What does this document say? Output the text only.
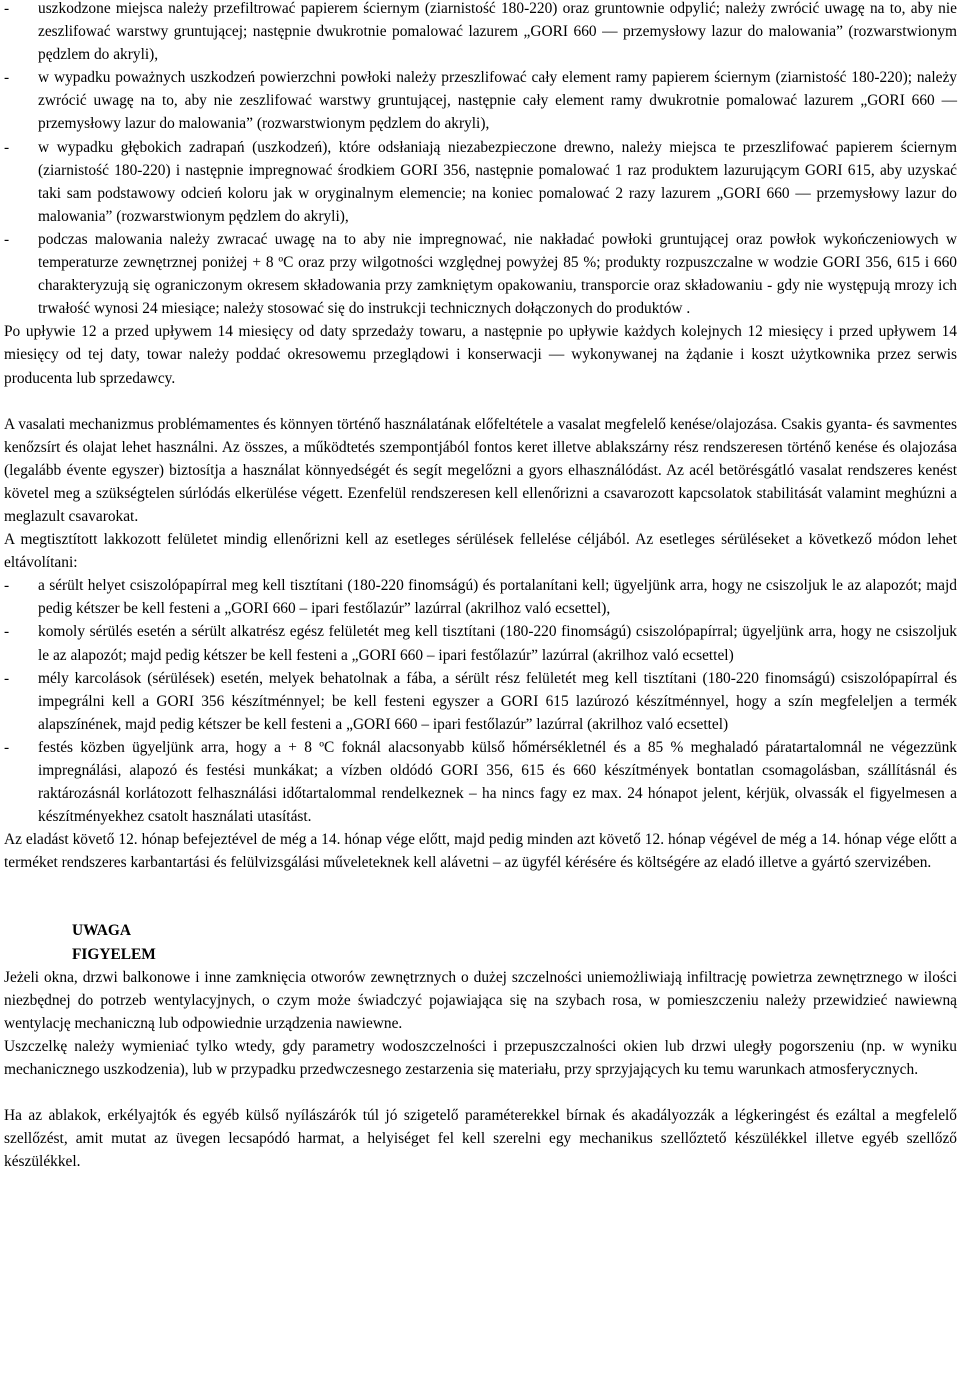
- uszkodzone miejsca należy przefiltrować papierem ściernym (ziarnistość 180-220) oraz gruntownie odpylić; należy zwrócić uwagę na to, aby nie zeszlifować warstwy gruntującej; następnie dwukrotnie pomalować lazurem „GORI 660 — przemysłowy lazur do malowania” (rozwarstwionym pędzlem do akryli),
- w wypadku poważnych uszkodzeń powierzchni powłoki należy przeszlifować cały element ramy papierem ściernym (ziarnistość 180-220); należy zwrócić uwagę na to, aby nie zeszlifować warstwy gruntującej, następnie cały element ramy dwukrotnie pomalować lazurem „GORI 660 — przemysłowy lazur do malowania” (rozwarstwionym pędzlem do akryli),
- w wypadku głębokich zadrapań (uszkodzeń), które odsłaniają niezabezpieczone drewno, należy miejsca te przeszlifować papierem ściernym (ziarnistość 180-220) i następnie impregnować środkiem GORI 356, następnie pomalować 1 raz produktem lazurującym GORI 615, aby uzyskać taki sam podstawowy odcień koloru jak w oryginalnym elemencie; na koniec pomalować 2 razy lazurem „GORI 660 — przemysłowy lazur do malowania” (rozwarstwionym pędzlem do akryli),
- podczas malowania należy zwracać uwagę na to aby nie impregnować, nie nakładać powłoki gruntującej oraz powłok wykończeniowych w temperaturze zewnętrznej poniżej + 8 ºC oraz przy wilgotności względnej powyżej 85 %; produkty rozpuszczalne w wodzie GORI 356, 615 i 660 charakteryzują się ograniczonym okresem składowania przy zamkniętym opakowaniu, transporcie oraz składowaniu - gdy nie występują mrozy ich trwałość wynosi 24 miesiące; należy stosować się do instrukcji technicznych dołączonych do produktów .

Po upływie 12 a przed upływem 14 miesięcy od daty sprzedaży towaru, a następnie po upływie każdych kolejnych 12 miesięcy i przed upływem 14 miesięcy od tej daty, towar należy poddać okresowemu przeglądowi i konserwacji — wykonywanej na żądanie i koszt użytkownika przez serwis producenta lub sprzedawcy.

A vasalati mechanizmus problémamentes és könnyen történő használatának előfeltétele a vasalat megfelelő kenése/olajozása. Csakis gyanta- és savmentes kenőzsírt és olajat lehet használni. Az összes, a működtetés szempontjából fontos keret illetve ablakszárny rész rendszeresen történő kenése és olajozása (legalább évente egyszer) biztosítja a használat könnyedségét és segít megelőzni a gyors elhasználódást. Az acél betörésgátló vasalat rendszeres kenést követel meg a szükségtelen súrlódás elkerülése végett. Ezenfelül rendszeresen kell ellenőrizni a csavarozott kapcsolatok stabilitását valamint meghúzni a meglazult csavarokat.

A megtisztított lakkozott felületet mindig ellenőrizni kell az esetleges sérülések fellelése céljából. Az esetleges sérüléseket a következő módon lehet eltávolítani:

- a sérült helyet csiszolópapírral meg kell tisztítani (180-220 finomságú) és portalanítani kell; ügyeljünk arra, hogy ne csiszoljuk le az alapozót; majd pedig kétszer be kell festeni a „GORI 660 – ipari festőlazúr” lazúrral (akrilhoz való ecsettel),
- komoly sérülés esetén a sérült alkatrész egész felületét meg kell tisztítani (180-220 finomságú) csiszolópapírral; ügyeljünk arra, hogy ne csiszoljuk le az alapozót; majd pedig kétszer be kell festeni a „GORI 660 – ipari festőlazúr” lazúrral (akrilhoz való ecsettel)
- mély karcolások (sérülések) esetén, melyek behatolnak a fába, a sérült rész felületét meg kell tisztítani (180-220 finomságú) csiszolópapírral és impegrálni kell a GORI 356 készítménnyel; be kell festeni egyszer a GORI 615 lazúrozó készítménnyel, hogy a szín megfeleljen a termék alapszínének, majd pedig kétszer be kell festeni a „GORI 660 – ipari festőlazúr” lazúrral (akrilhoz való ecsettel)
- festés közben ügyeljünk arra, hogy a + 8 ºC foknál alacsonyabb külső hőmérsékletnél és a 85 % meghaladó páratartalomnál ne végezzünk impregnálási, alapozó és festési munkákat; a vízben oldódó GORI 356, 615 és 660 készítmények bontatlan csomagolásban, szállításnál és raktározásnál korlátozott felhasználási időtartalommal rendelkeznek – ha nincs fagy ez max. 24 hónapot jelent, kérjük, olvassák el figyelmesen a készítményekhez csatolt használati utasítást.

Az eladást követő 12. hónap befejeztével de még a 14. hónap vége előtt, majd pedig minden azt követő 12. hónap végével de még a 14. hónap vége előtt a terméket rendszeres karbantartási és felülvizsgálási műveleteknek kell alávetni – az ügyfél kérésére és költségére az eladó illetve a gyártó szervizében.

UWAGA

FIGYELEM

Jeżeli okna, drzwi balkonowe i inne zamknięcia otworów zewnętrznych o dużej szczelności uniemożliwiają infiltrację powietrza zewnętrznego w ilości niezbędnej do potrzeb wentylacyjnych, o czym może świadczyć pojawiająca się na szybach rosa, w pomieszczeniu należy przewidzieć nawiewną wentylację mechaniczną lub odpowiednie urządzenia nawiewne.

Uszczelkę należy wymieniać tylko wtedy, gdy parametry wodoszczelności i przepuszczalności okien lub drzwi uległy pogorszeniu (np. w wyniku mechanicznego uszkodzenia), lub w przypadku przedwczesnego zestarzenia się materiału, przy sprzyjających ku temu warunkach atmosferycznych.

Ha az ablakok, erkélyajtók és egyéb külső nyílászárók túl jó szigetelő paraméterekkel bírnak és akadályozzák a légkeringést és ezáltal a megfelelő szellőzést, amit mutat az üvegen lecsapódó harmat, a helyiséget fel kell szerelni egy mechanikus szellőztető készülékkel illetve egyéb szellőző készülékkel.
